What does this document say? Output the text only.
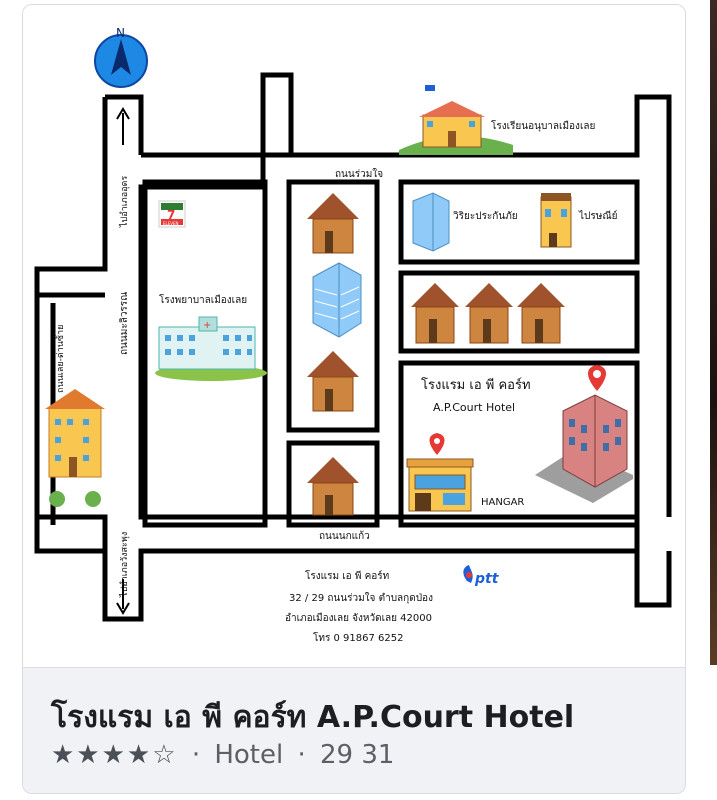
N
ถนนร่วมใจ
ถนนนกแก้ว
ถนนมะลิวรรณ
ถนนเลย-ด่านซ้าย
ไปอำเภออุดร
ไปอำเภอวังสะพุง
โรงเรียนอนุบาลเมืองเลย
7
ELEVEN
โรงพยาบาลเมืองเลย
+
วิริยะประกันภัย	ไปรษณีย์
โรงแรม เอ พี คอร์ท
A.P.Court Hotel
HANGAR
ptt
โรงแรม เอ พี คอร์ท
32 / 29 ถนนร่วมใจ ตำบลกุดป่อง
อำเภอเมืองเลย จังหวัดเลย 42000
โทร 0 91867 6252
โรงแรม เอ พี คอร์ท A.P.Court Hotel
★★★★☆ · Hotel · 29 31
